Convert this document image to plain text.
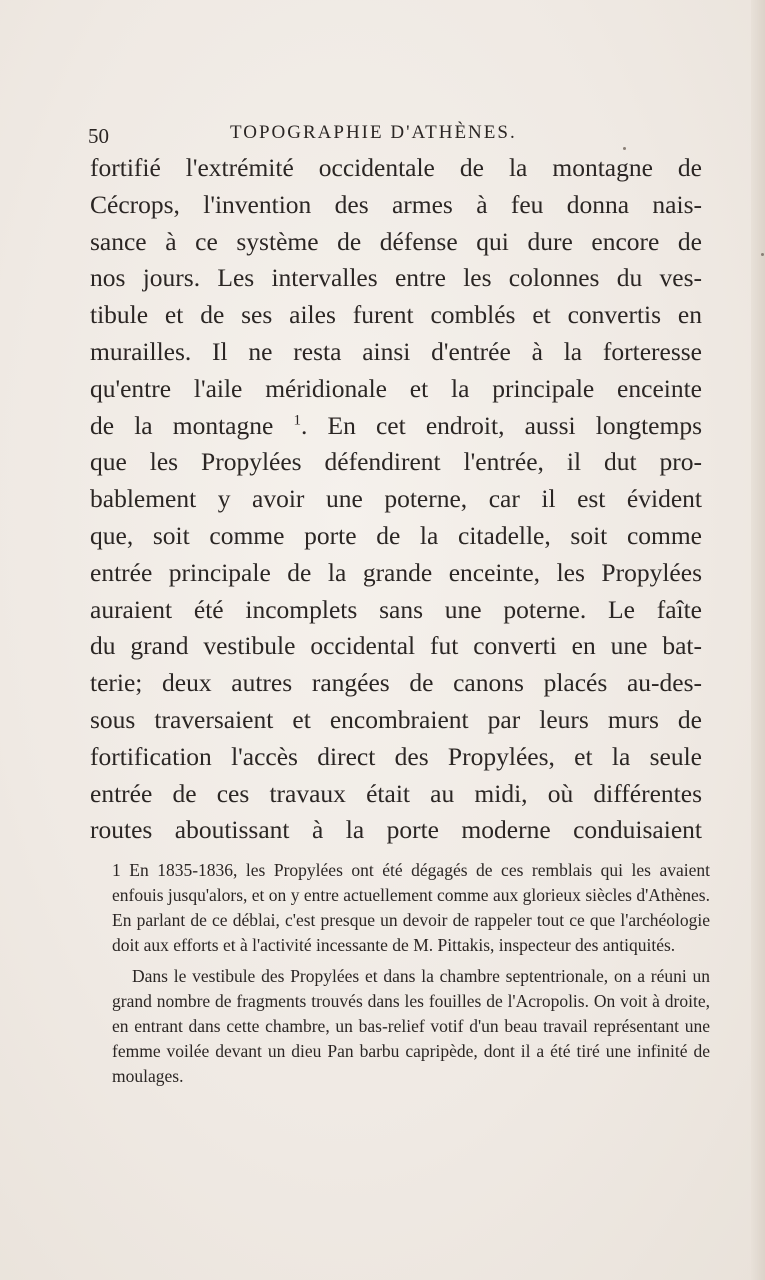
50	TOPOGRAPHIE D'ATHÈNES.
fortifié l'extrémité occidentale de la montagne de
Cécrops, l'invention des armes à feu donna nais-
sance à ce système de défense qui dure encore de
nos jours. Les intervalles entre les colonnes du ves-
tibule et de ses ailes furent comblés et convertis en
murailles. Il ne resta ainsi d'entrée à la forteresse
qu'entre l'aile méridionale et la principale enceinte
de la montagne $^1$. En cet endroit, aussi longtemps
que les Propylées défendirent l'entrée, il dut pro-
bablement y avoir une poterne, car il est évident
que, soit comme porte de la citadelle, soit comme
entrée principale de la grande enceinte, les Propylées
auraient été incomplets sans une poterne. Le faîte
du grand vestibule occidental fut converti en une bat-
terie; deux autres rangées de canons placés au-des-
sous traversaient et encombraient par leurs murs de
fortification l'accès direct des Propylées, et la seule
entrée de ces travaux était au midi, où différentes
routes aboutissant à la porte moderne conduisaient

1 En 1835-1836, les Propylées ont été dégagés de ces remblais qui les avaient enfouis jusqu'alors, et on y entre actuellement comme aux glorieux siècles d'Athènes. En parlant de ce déblai, c'est presque un devoir de rappeler tout ce que l'archéologie doit aux efforts et à l'activité incessante de M. Pittakis, inspecteur des antiquités.

Dans le vestibule des Propylées et dans la chambre septentrionale, on a réuni un grand nombre de fragments trouvés dans les fouilles de l'Acropolis. On voit à droite, en entrant dans cette chambre, un bas-relief votif d'un beau travail représentant une femme voilée devant un dieu Pan barbu capripède, dont il a été tiré une infinité de moulages.
